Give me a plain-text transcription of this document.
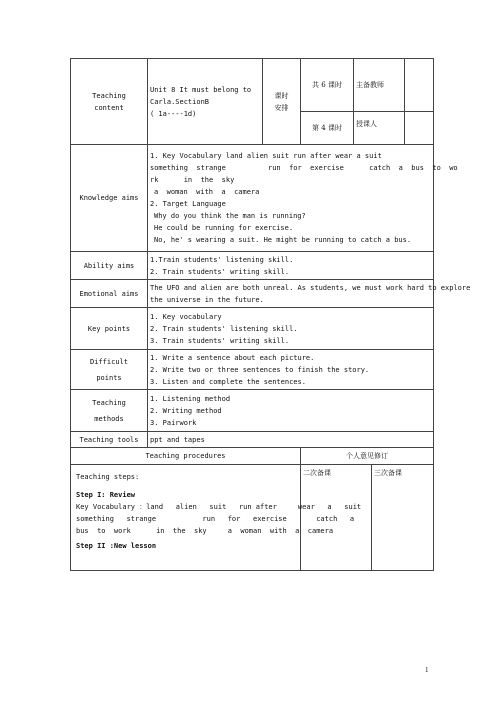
Teaching
content

Unit 8 It must belong to
Carla.SectionB
( 1a----1d)

课时
安排
	共 6 课时	主备教师	
第 4 课时	授课人	
Knowledge aims	
1. Key Vocabulary land alien suit run after wear a suit
something  strange          run  for  exercise      catch  a  bus  to  wo
rk      in  the  sky
a  woman  with  a  camera
2. Target Language
Why do you think the man is running?
He could be running for exercise.
No, he' s wearing a suit. He might be running to catch a bus.

Ability aims	
1.Train students' listening skill.
2. Train students' writing skill.

Emotional aims	
The UFO and alien are both unreal. As students, we must work hard to explore
the universe in the future.

Key points	
1. Key vocabulary
2. Train students' listening skill.
3. Train students' writing skill.

Difficult
points

1. Write a sentence about each picture.
2. Write two or three sentences to finish the story.
3. Listen and complete the sentences.

Teaching
methods

1. Listening method
2. Writing method
3. Pairwork

Teaching tools	ppt and tapes
Teaching procedures	个人意见修订

Teaching steps:
Step I: Review
Key Vocabulary ：land   alien   suit   run after     wear   a   suit
something   strange           run   for   exercise       catch   a
bus  to  work      in  the  sky     a  woman  with  a  camera
Step II :New lesson

二次备课	三次备课
1
